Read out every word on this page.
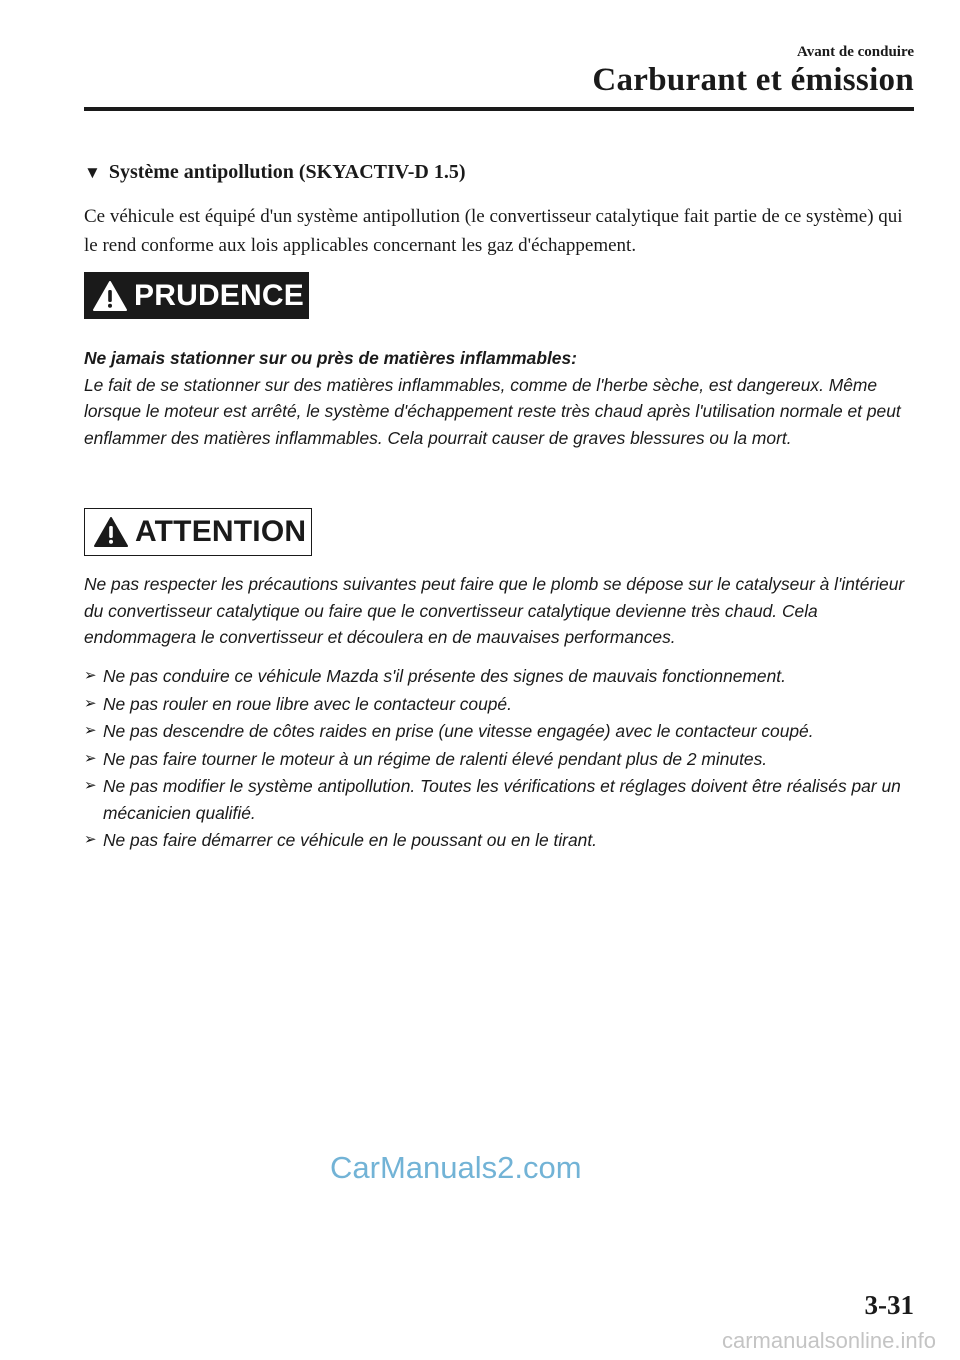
Avant de conduire
Carburant et émission
▼ Système antipollution (SKYACTIV-D 1.5)
Ce véhicule est équipé d'un système antipollution (le convertisseur catalytique fait partie de ce système) qui le rend conforme aux lois applicables concernant les gaz d'échappement.
PRUDENCE
Ne jamais stationner sur ou près de matières inflammables:
Le fait de se stationner sur des matières inflammables, comme de l'herbe sèche, est dangereux. Même lorsque le moteur est arrêté, le système d'échappement reste très chaud après l'utilisation normale et peut enflammer des matières inflammables. Cela pourrait causer de graves blessures ou la mort.
ATTENTION
Ne pas respecter les précautions suivantes peut faire que le plomb se dépose sur le catalyseur à l'intérieur du convertisseur catalytique ou faire que le convertisseur catalytique devienne très chaud. Cela endommagera le convertisseur et découlera en de mauvaises performances.
➢ Ne pas conduire ce véhicule Mazda s'il présente des signes de mauvais fonctionnement.
➢ Ne pas rouler en roue libre avec le contacteur coupé.
➢ Ne pas descendre de côtes raides en prise (une vitesse engagée) avec le contacteur coupé.
➢ Ne pas faire tourner le moteur à un régime de ralenti élevé pendant plus de 2 minutes.
➢ Ne pas modifier le système antipollution. Toutes les vérifications et réglages doivent être réalisés par un mécanicien qualifié.
➢ Ne pas faire démarrer ce véhicule en le poussant ou en le tirant.
CarManuals2.com
3-31
carmanualsonline.info
